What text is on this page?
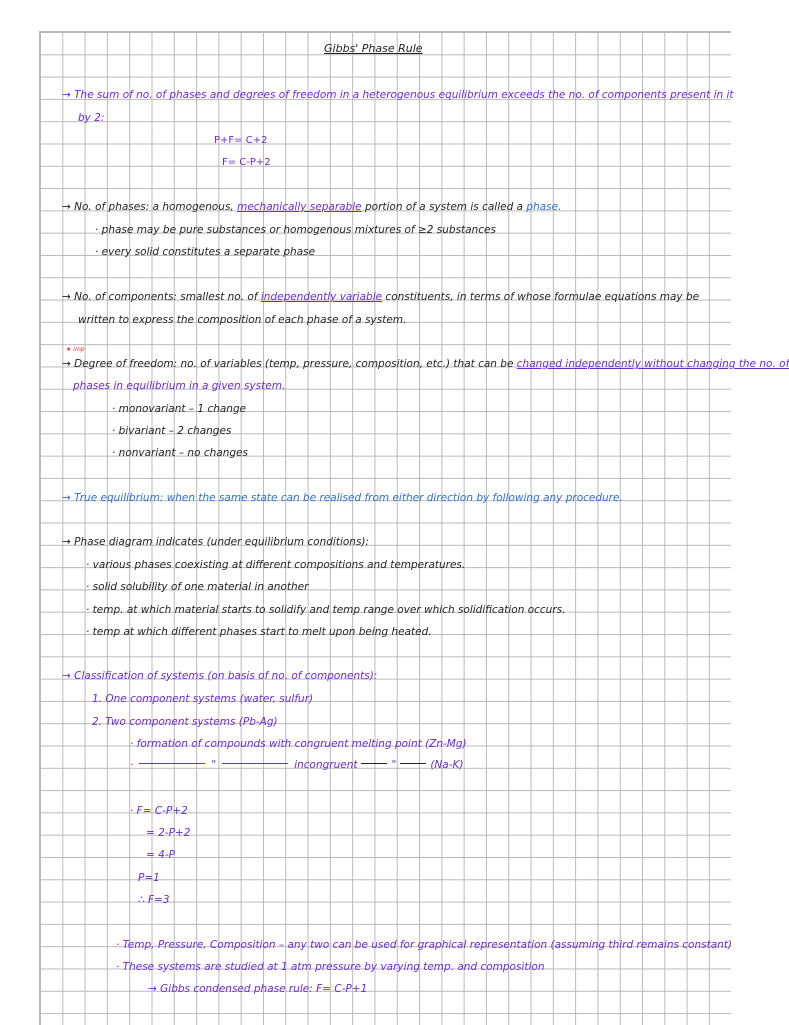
Gibbs' Phase Rule
→ The sum of no. of phases and degrees of freedom in a heterogenous equilibrium exceeds the no. of components present in it
by 2:
P+F= C+2
F= C-P+2
→ No. of phases: a homogenous, mechanically separable portion of a system is called a phase.
· phase may be pure substances or homogenous mixtures of ≥2 substances
· every solid constitutes a separate phase
→ No. of components: smallest no. of independently variable constituents, in terms of whose formulae equations may be
written to express the composition of each phase of a system.
★ imp
→ Degree of freedom: no. of variables (temp, pressure, composition, etc.) that can be changed independently without changing the no. of
phases in equilibrium in a given system.
· monovariant – 1 change
· bivariant – 2 changes
· nonvariant – no changes
→ True equilibrium: when the same state can be realised from either direction by following any procedure.
→ Phase diagram indicates (under equilibrium conditions):
· various phases coexisting at different compositions and temperatures.
· solid solubility of one material in another
· temp. at which material starts to solidify and temp range over which solidification occurs.
· temp at which different phases start to melt upon being heated.
→ Classification of systems (on basis of no. of components):
1. One component systems (water, sulfur)
2. Two component systems (Pb-Ag)
· formation of compounds with congruent melting point (Zn-Mg)
·	"	incongruent	"	(Na-K)
· F= C-P+2
= 2-P+2
= 4-P
P=1
∴ F=3
· Temp, Pressure, Composition – any two can be used for graphical representation (assuming third remains constant)
· These systems are studied at 1 atm pressure by varying temp. and composition
→ Gibbs condensed phase rule: F= C-P+1
